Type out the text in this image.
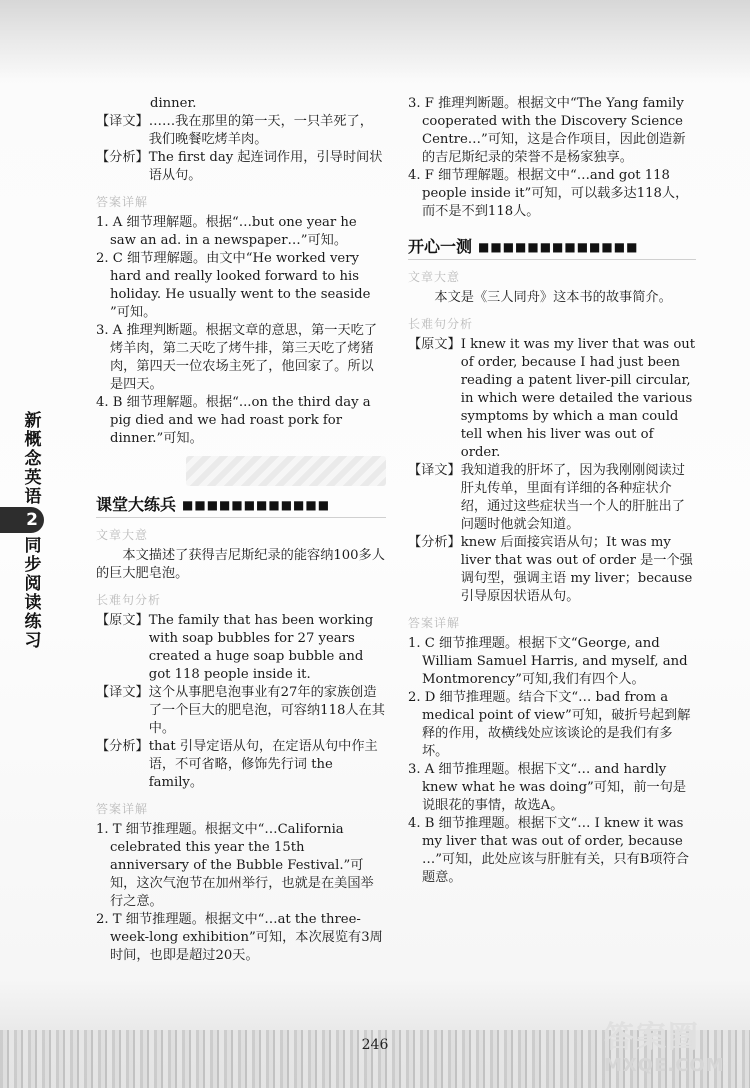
新概念英语
2
同步阅读练习

dinner.

【译文】 ……我在那里的第一天，一只羊死了，我们晚餐吃烤羊肉。
【分析】 The first day 起连词作用，引导时间状语从句。
答案详解

1. A 细节理解题。根据“…but one year he saw an ad. in a newspaper…”可知。

2. C 细节理解题。由文中“He worked very hard and really looked forward to his holiday. He usually went to the seaside ”可知。

3. A 推理判断题。根据文章的意思，第一天吃了烤羊肉，第二天吃了烤牛排，第三天吃了烤猪肉，第四天一位农场主死了，他回家了。所以是四天。

4. B 细节理解题。根据“...on the third day a pig died and we had roast pork for dinner.”可知。

课堂大练兵 ■■■■■■■■■■■■
文章大意

本文描述了获得吉尼斯纪录的能容纳100多人的巨大肥皂泡。

长难句分析
【原文】 The family that has been working with soap bubbles for 27 years created a huge soap bubble and got 118 people inside it.
【译文】 这个从事肥皂泡事业有27年的家族创造了一个巨大的肥皂泡，可容纳118人在其中。
【分析】 that 引导定语从句，在定语从句中作主语，不可省略，修饰先行词 the family。
答案详解

1. T 细节推理题。根据文中“…California celebrated this year the 15th anniversary of the Bubble Festival.”可知，这次气泡节在加州举行，也就是在美国举行之意。

2. T 细节推理题。根据文中“…at the three-week-long exhibition”可知，本次展览有3周时间，也即是超过20天。

3. F 推理判断题。根据文中“The Yang family cooperated with the Discovery Science Centre…”可知，这是合作项目，因此创造新的吉尼斯纪录的荣誉不是杨家独享。

4. F 细节理解题。根据文中“…and got 118 people inside it”可知，可以载多达118人，而不是不到118人。

开心一测 ■■■■■■■■■■■■■
文章大意

本文是《三人同舟》这本书的故事简介。

长难句分析
【原文】 I knew it was my liver that was out of order, because I had just been reading a patent liver-pill circular, in which were detailed the various symptoms by which a man could tell when his liver was out of order.
【译文】 我知道我的肝坏了，因为我刚刚阅读过肝丸传单，里面有详细的各种症状介绍，通过这些症状当一个人的肝脏出了问题时他就会知道。
【分析】 knew 后面接宾语从句；It was my liver that was out of order 是一个强调句型，强调主语 my liver；because引导原因状语从句。
答案详解

1. C 细节推理题。根据下文“George, and William Samuel Harris, and myself, and Montmorency”可知,我们有四个人。

2. D 细节推理题。结合下文“… bad from a medical point of view”可知，破折号起到解释的作用，故横线处应该谈论的是我们有多坏。

3. A 细节推理题。根据下文“… and hardly knew what he was doing”可知，前一句是说眼花的事情，故选A。

4. B 细节推理题。根据下文“… I knew it was my liver that was out of order, because …”可知，此处应该与肝脏有关，只有B项符合题意。

246	答案圈
MXQE.COM
